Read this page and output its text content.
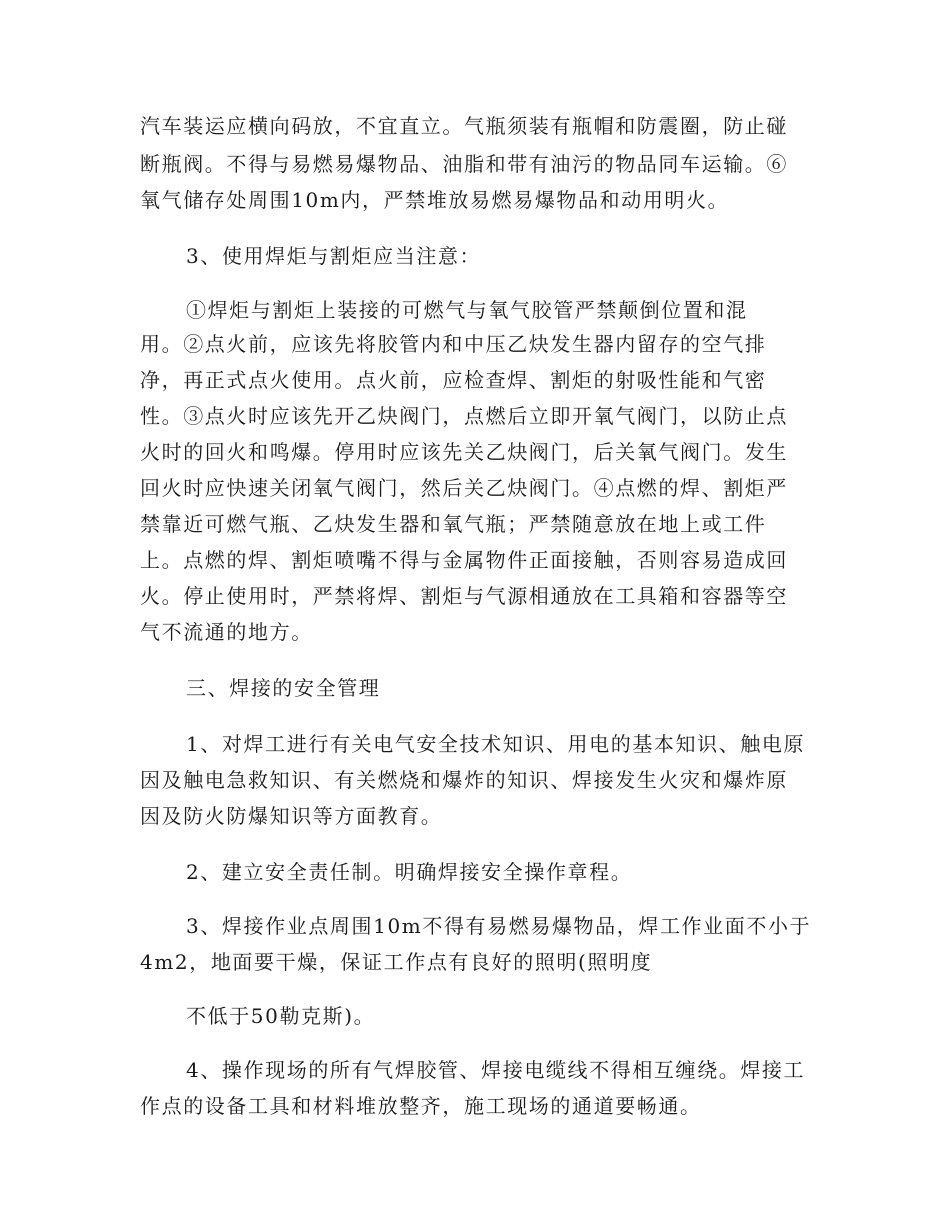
汽车装运应横向码放，不宜直立。气瓶须装有瓶帽和防震圈，防止碰
断瓶阀。不得与易燃易爆物品、油脂和带有油污的物品同车运输。⑥
氧气储存处周围10m内，严禁堆放易燃易爆物品和动用明火。
3、使用焊炬与割炬应当注意：
①焊炬与割炬上装接的可燃气与氧气胶管严禁颠倒位置和混
用。②点火前，应该先将胶管内和中压乙炔发生器内留存的空气排
净，再正式点火使用。点火前，应检查焊、割炬的射吸性能和气密
性。③点火时应该先开乙炔阀门，点燃后立即开氧气阀门，以防止点
火时的回火和鸣爆。停用时应该先关乙炔阀门，后关氧气阀门。发生
回火时应快速关闭氧气阀门，然后关乙炔阀门。④点燃的焊、割炬严
禁靠近可燃气瓶、乙炔发生器和氧气瓶；严禁随意放在地上或工件
上。点燃的焊、割炬喷嘴不得与金属物件正面接触，否则容易造成回
火。停止使用时，严禁将焊、割炬与气源相通放在工具箱和容器等空
气不流通的地方。
三、焊接的安全管理
1、对焊工进行有关电气安全技术知识、用电的基本知识、触电原
因及触电急救知识、有关燃烧和爆炸的知识、焊接发生火灾和爆炸原
因及防火防爆知识等方面教育。
2、建立安全责任制。明确焊接安全操作章程。
3、焊接作业点周围10m不得有易燃易爆物品，焊工作业面不小于
4m2，地面要干燥，保证工作点有良好的照明(照明度
不低于50勒克斯)。
4、操作现场的所有气焊胶管、焊接电缆线不得相互缠绕。焊接工
作点的设备工具和材料堆放整齐，施工现场的通道要畅通。
